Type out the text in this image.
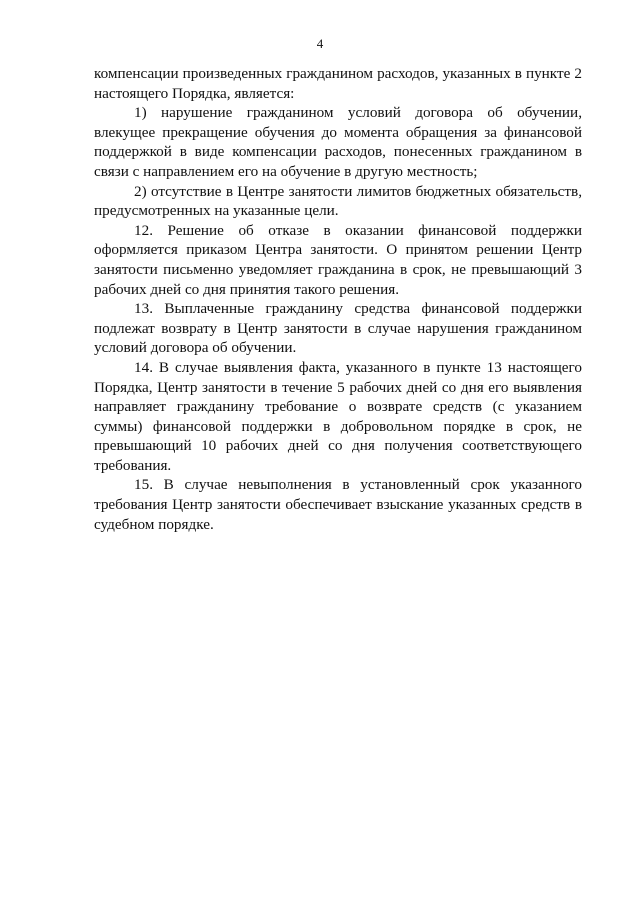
4

компенсации произведенных гражданином расходов, указанных в пункте 2 настоящего Порядка, является:

1) нарушение гражданином условий договора об обучении, влекущее прекращение обучения до момента обращения за финансовой поддержкой в виде компенсации расходов, понесенных гражданином в связи с направлением его на обучение в другую местность;

2) отсутствие в Центре занятости лимитов бюджетных обязательств, предусмотренных на указанные цели.

12. Решение об отказе в оказании финансовой поддержки оформляется приказом Центра занятости. О принятом решении Центр занятости письменно уведомляет гражданина в срок, не превышающий 3 рабочих дней со дня принятия такого решения.

13. Выплаченные гражданину средства финансовой поддержки подлежат возврату в Центр занятости в случае нарушения гражданином условий договора об обучении.

14. В случае выявления факта, указанного в пункте 13 настоящего Порядка, Центр занятости в течение 5 рабочих дней со дня его выявления направляет гражданину требование о возврате средств (с указанием суммы) финансовой поддержки в добровольном порядке в срок, не превышающий 10 рабочих дней со дня получения соответствующего требования.

15. В случае невыполнения в установленный срок указанного требования Центр занятости обеспечивает взыскание указанных средств в судебном порядке.
